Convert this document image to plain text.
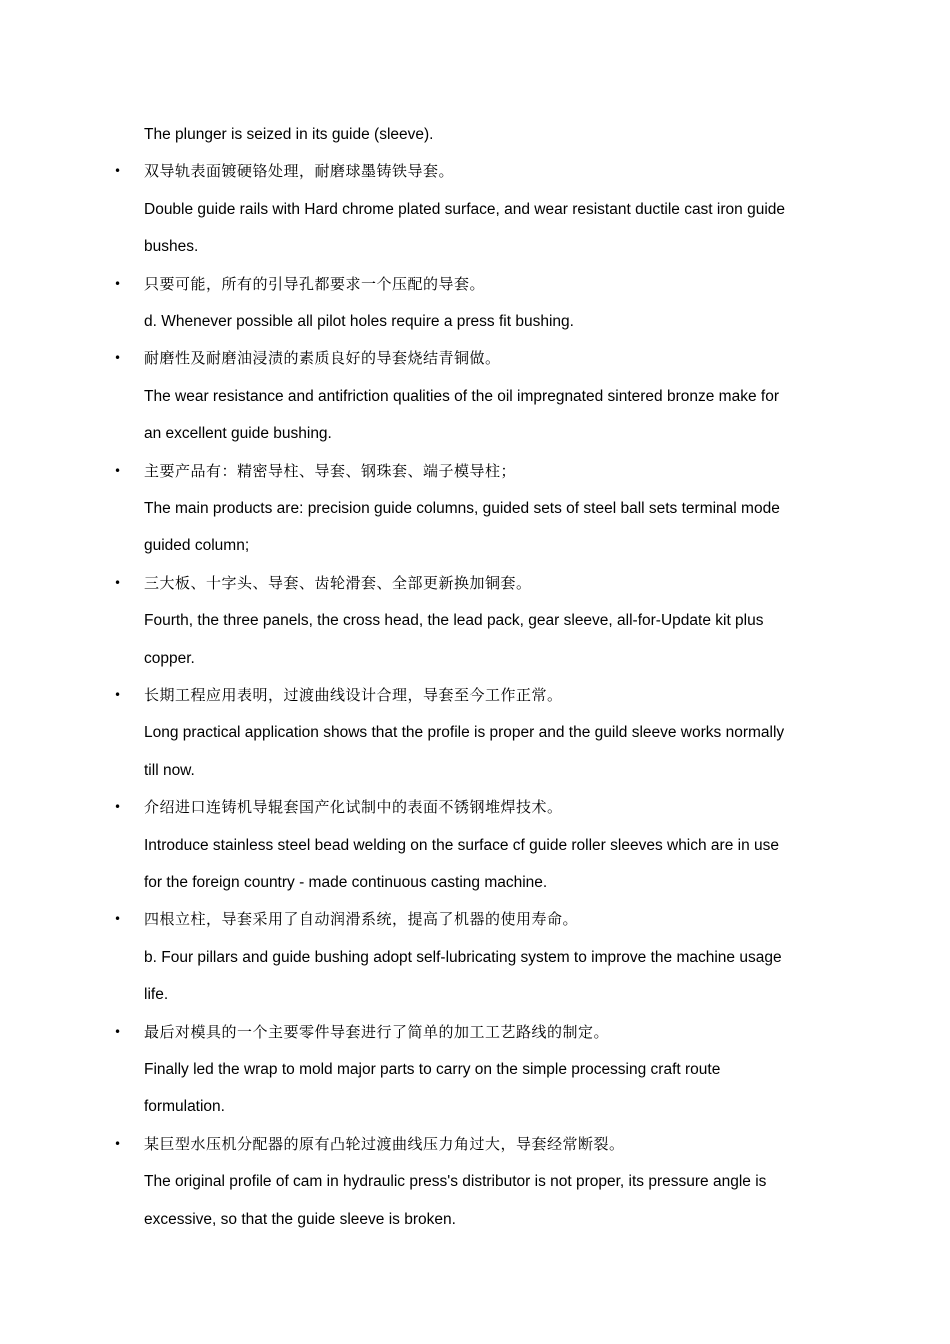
The plunger is seized in its guide (sleeve).
• 双导轨表面镀硬铬处理，耐磨球墨铸铁导套。
Double guide rails with Hard chrome plated surface, and wear resistant ductile cast iron guide
bushes.
• 只要可能，所有的引导孔都要求一个压配的导套。
d. Whenever possible all pilot holes require a press fit bushing.
• 耐磨性及耐磨油浸渍的素质良好的导套烧结青铜做。
The wear resistance and antifriction qualities of the oil impregnated sintered bronze make for
an excellent guide bushing.
• 主要产品有：精密导柱、导套、钢珠套、端子模导柱；
The main products are: precision guide columns, guided sets of steel ball sets terminal mode
guided column;
• 三大板、十字头、导套、齿轮滑套、全部更新换加铜套。
Fourth, the three panels, the cross head, the lead pack, gear sleeve, all-for-Update kit plus
copper.
• 长期工程应用表明，过渡曲线设计合理，导套至今工作正常。
Long practical application shows that the profile is proper and the guild sleeve works normally
till now.
• 介绍进口连铸机导辊套国产化试制中的表面不锈钢堆焊技术。
Introduce stainless steel bead welding on the surface cf guide roller sleeves which are in use
for the foreign country - made continuous casting machine.
• 四根立柱，导套采用了自动润滑系统，提高了机器的使用寿命。
b. Four pillars and guide bushing adopt self-lubricating system to improve the machine usage
life.
• 最后对模具的一个主要零件导套进行了简单的加工工艺路线的制定。
Finally led the wrap to mold major parts to carry on the simple processing craft route
formulation.
• 某巨型水压机分配器的原有凸轮过渡曲线压力角过大，导套经常断裂。
The original profile of cam in hydraulic press's distributor is not proper, its pressure angle is
excessive, so that the guide sleeve is broken.
